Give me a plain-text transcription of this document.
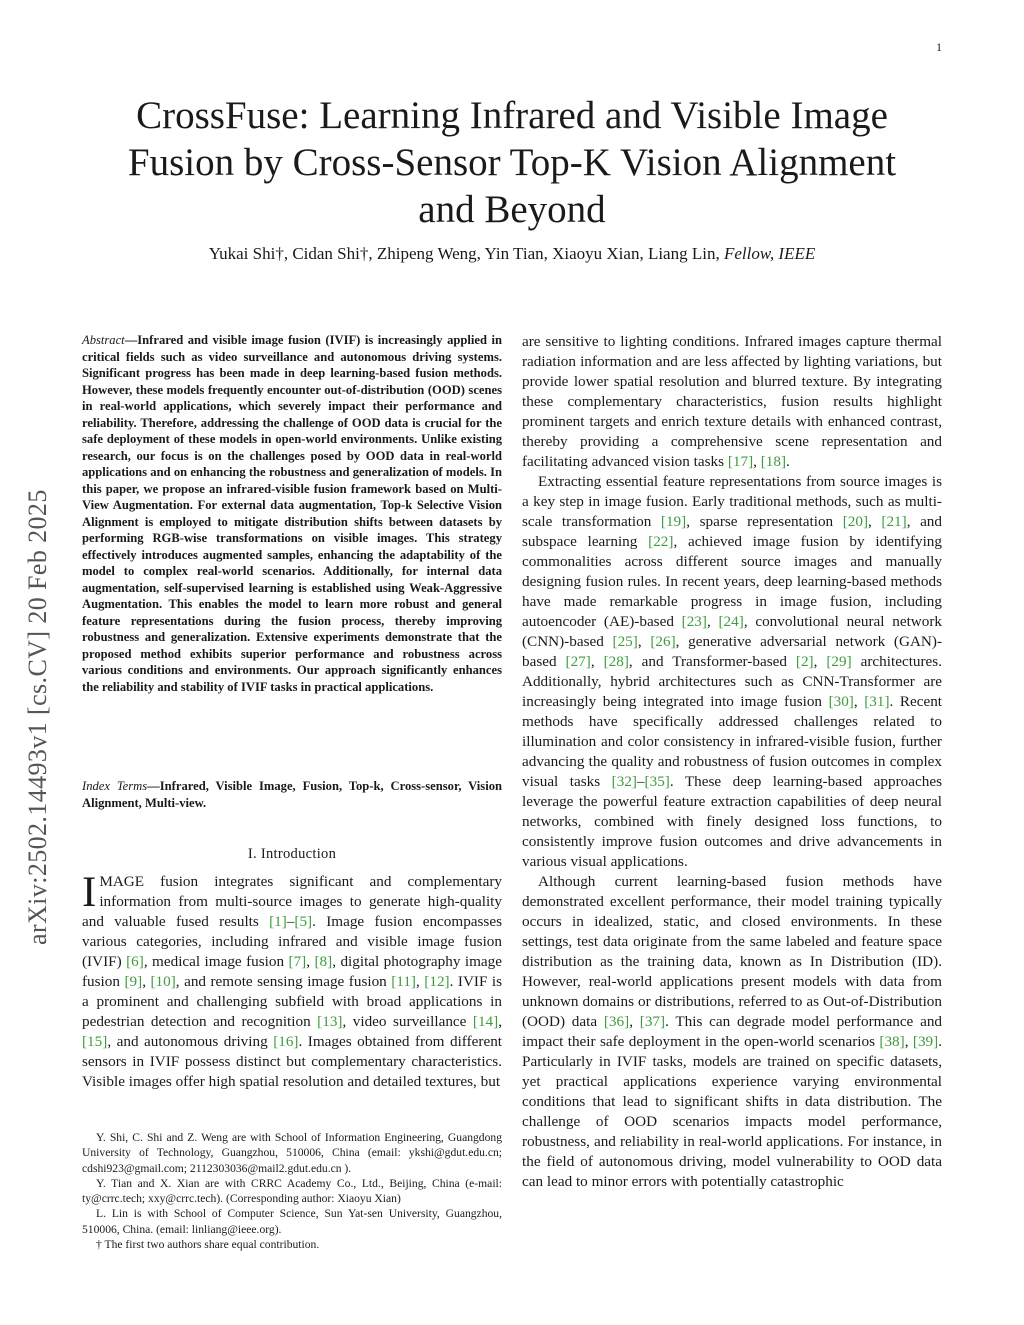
1
arXiv:2502.14493v1 [cs.CV] 20 Feb 2025
CrossFuse: Learning Infrared and Visible Image
Fusion by Cross-Sensor Top-K Vision Alignment
and Beyond
Yukai Shi†, Cidan Shi†, Zhipeng Weng, Yin Tian, Xiaoyu Xian, Liang Lin, Fellow, IEEE
Abstract—Infrared and visible image fusion (IVIF) is increasingly applied in critical fields such as video surveillance and autonomous driving systems. Significant progress has been made in deep learning-based fusion methods. However, these models frequently encounter out-of-distribution (OOD) scenes in real-world applications, which severely impact their performance and reliability. Therefore, addressing the challenge of OOD data is crucial for the safe deployment of these models in open-world environments. Unlike existing research, our focus is on the challenges posed by OOD data in real-world applications and on enhancing the robustness and generalization of models. In this paper, we propose an infrared-visible fusion framework based on Multi-View Augmentation. For external data augmentation, Top-k Selective Vision Alignment is employed to mitigate distribution shifts between datasets by performing RGB-wise transformations on visible images. This strategy effectively introduces augmented samples, enhancing the adaptability of the model to complex real-world scenarios. Additionally, for internal data augmentation, self-supervised learning is established using Weak-Aggressive Augmentation. This enables the model to learn more robust and general feature representations during the fusion process, thereby improving robustness and generalization. Extensive experiments demonstrate that the proposed method exhibits superior performance and robustness across various conditions and environments. Our approach significantly enhances the reliability and stability of IVIF tasks in practical applications.
Index Terms—Infrared, Visible Image, Fusion, Top-k, Cross-sensor, Vision Alignment, Multi-view.
I. Introduction
IMAGE fusion integrates significant and complementary information from multi-source images to generate high-quality and valuable fused results [1]–[5]. Image fusion encompasses various categories, including infrared and visible image fusion (IVIF) [6], medical image fusion [7], [8], digital photography image fusion [9], [10], and remote sensing image fusion [11], [12]. IVIF is a prominent and challenging subfield with broad applications in pedestrian detection and recognition [13], video surveillance [14], [15], and autonomous driving [16]. Images obtained from different sensors in IVIF possess distinct but complementary characteristics. Visible images offer high spatial resolution and detailed textures, but

Y. Shi, C. Shi and Z. Weng are with School of Information Engineering, Guangdong University of Technology, Guangzhou, 510006, China (email: ykshi@gdut.edu.cn; cdshi923@gmail.com; 2112303036@mail2.gdut.edu.cn ).

Y. Tian and X. Xian are with CRRC Academy Co., Ltd., Beijing, China (e-mail: ty@crrc.tech; xxy@crrc.tech). (Corresponding author: Xiaoyu Xian)

L. Lin is with School of Computer Science, Sun Yat-sen University, Guangzhou, 510006, China. (email: linliang@ieee.org).

† The first two authors share equal contribution.

are sensitive to lighting conditions. Infrared images capture thermal radiation information and are less affected by lighting variations, but provide lower spatial resolution and blurred texture. By integrating these complementary characteristics, fusion results highlight prominent targets and enrich texture details with enhanced contrast, thereby providing a comprehensive scene representation and facilitating advanced vision tasks [17], [18].

Extracting essential feature representations from source images is a key step in image fusion. Early traditional methods, such as multi-scale transformation [19], sparse representation [20], [21], and subspace learning [22], achieved image fusion by identifying commonalities across different source images and manually designing fusion rules. In recent years, deep learning-based methods have made remarkable progress in image fusion, including autoencoder (AE)-based [23], [24], convolutional neural network (CNN)-based [25], [26], generative adversarial network (GAN)-based [27], [28], and Transformer-based [2], [29] architectures. Additionally, hybrid architectures such as CNN-Transformer are increasingly being integrated into image fusion [30], [31]. Recent methods have specifically addressed challenges related to illumination and color consistency in infrared-visible fusion, further advancing the quality and robustness of fusion outcomes in complex visual tasks [32]–[35]. These deep learning-based approaches leverage the powerful feature extraction capabilities of deep neural networks, combined with finely designed loss functions, to consistently improve fusion outcomes and drive advancements in various visual applications.

Although current learning-based fusion methods have demonstrated excellent performance, their model training typically occurs in idealized, static, and closed environments. In these settings, test data originate from the same labeled and feature space distribution as the training data, known as In Distribution (ID). However, real-world applications present models with data from unknown domains or distributions, referred to as Out-of-Distribution (OOD) data [36], [37]. This can degrade model performance and impact their safe deployment in the open-world scenarios [38], [39]. Particularly in IVIF tasks, models are trained on specific datasets, yet practical applications experience varying environmental conditions that lead to significant shifts in data distribution. The challenge of OOD scenarios impacts model performance, robustness, and reliability in real-world applications. For instance, in the field of autonomous driving, model vulnerability to OOD data can lead to minor errors with potentially catastrophic
